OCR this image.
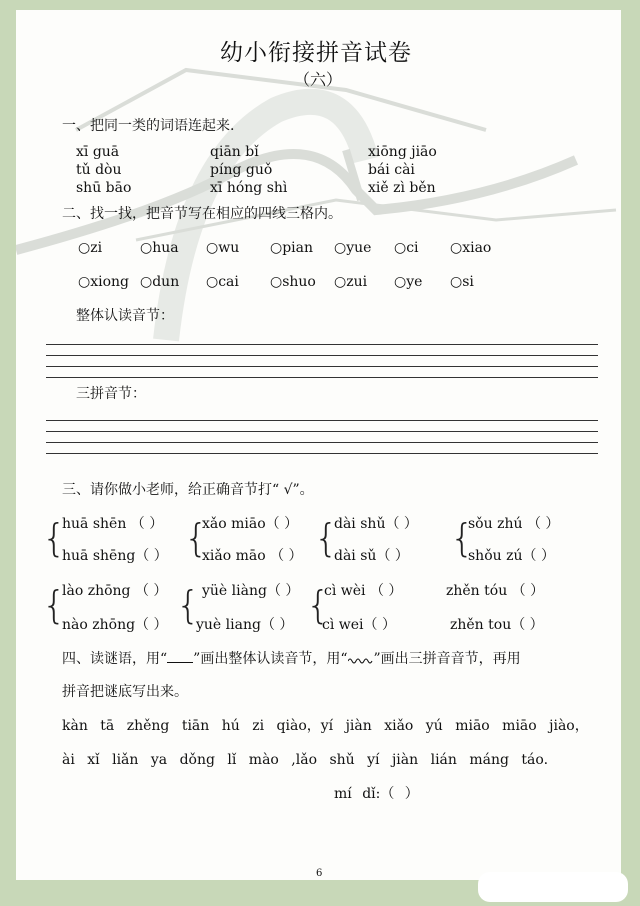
幼小衔接拼音试卷
（六）
一、把同一类的词语连起来.
xī guā
tǔ dòu
shū bāo
qiān bǐ
píng guǒ
xī hóng shì
xiōng jiāo
bái cài
xiě zì běn
二、找一找，把音节写在相应的四线三格内。
○zi	○hua ○wu ○pian ○yue ○ci ○xiao
○xiong ○dun ○cai ○shuo ○zui ○ye ○si
整体认读音节：
三拼音节：
三、请你做小老师，给正确音节打“ √”。
{
huā shēn （ ）
huā shēng（ ） {
xǎo miāo（ ）
xiǎo māo （ ） {
dài shǔ（ ）
dài sǔ（ ） {
sǒu zhú （ ）
shǒu zú（ ）
{
lào zhōng （ ）
nào zhōng（ ） { yüè liàng（ ）
yuè liang（ ） {
cì wèi （ ）
cì wei（ ）
zhěn tóu （ ）
zhěn tou（ ）
四、读谜语，用“ ”画出整体认读音节，用“ ”画出三拼音音节，再用
拼音把谜底写出来。
kàn tā zhěng tiān hú zi qiào，yí jiàn xiǎo yú miāo miāo jiào，
ài xǐ liǎn ya dǒng lǐ mào ,lǎo shǔ yí jiàn lián máng táo.
mí dǐ:（ ）
6
